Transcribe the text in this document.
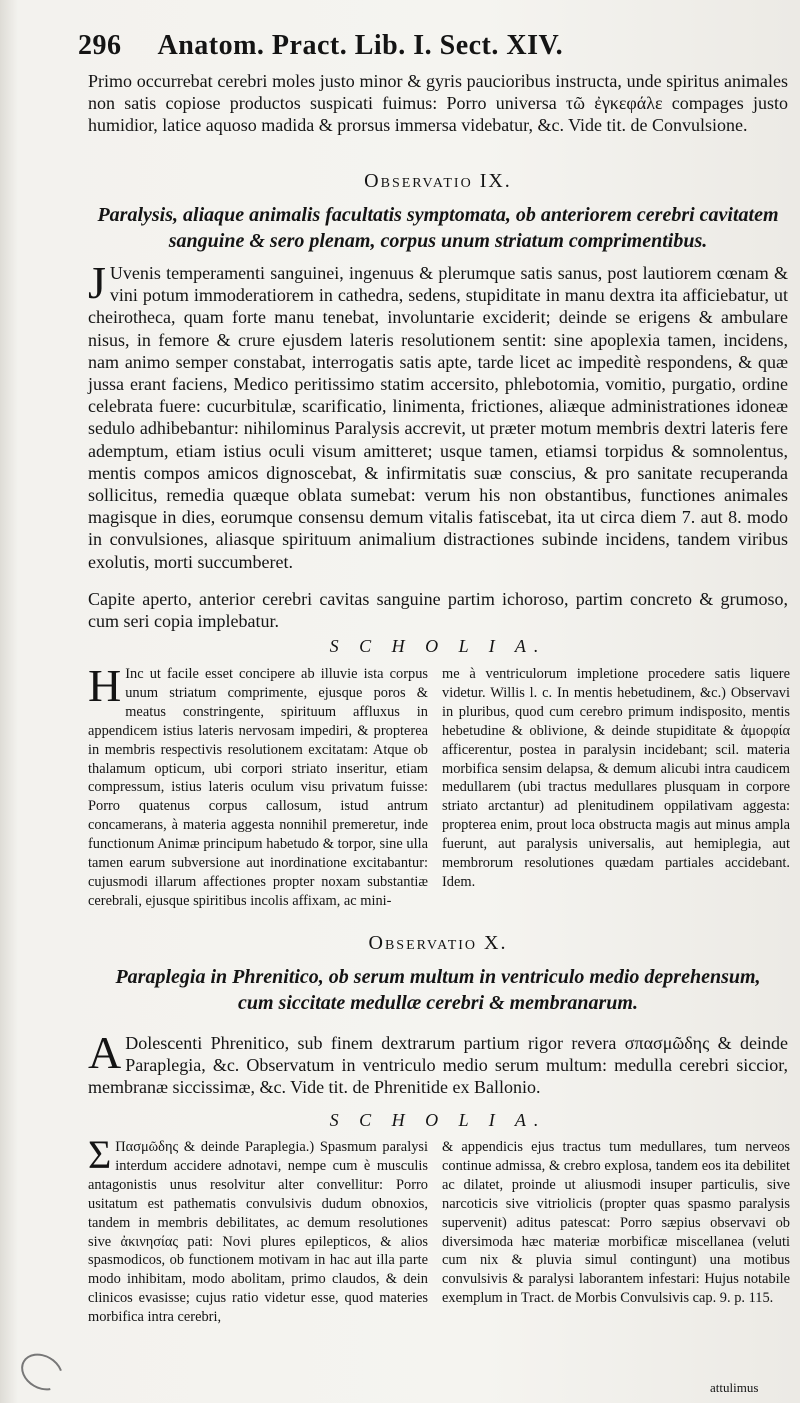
296 Anatom. Pract. Lib. I. Sect. XIV.
Primo occurrebat cerebri moles justo minor & gyris paucioribus instructa, unde spiritus animales non satis copiose productos suspicati fuimus: Porro universa τῶ ἐγκεφάλε compages justo humidior, latice aquoso madida & prorsus immersa videbatur, &c. Vide tit. de Convulsione.
Observatio IX.
Paralysis, aliaque animalis facultatis symptomata, ob anteriorem cerebri cavitatem
sanguine & sero plenam, corpus unum striatum comprimentibus.
J Uvenis temperamenti sanguinei, ingenuus & plerumque satis sanus, post lautiorem cœnam & vini potum immoderatiorem in cathedra, sedens, stupiditate in manu dextra ita afficiebatur, ut cheirotheca, quam forte manu tenebat, involuntarie exciderit; deinde se erigens & ambulare nisus, in femore & crure ejusdem lateris resolutionem sentit: sine apoplexia tamen, incidens, nam animo semper constabat, interrogatis satis apte, tarde licet ac impeditè respondens, & quæ jussa erant faciens, Medico peritissimo statim accersito, phlebotomia, vomitio, purgatio, ordine celebrata fuere: cucurbitulæ, scarificatio, linimenta, frictiones, aliæque administrationes idoneæ sedulo adhibebantur: nihilominus Paralysis accrevit, ut præter motum membris dextri lateris fere ademptum, etiam istius oculi visum amitteret; usque tamen, etiamsi torpidus & somnolentus, mentis compos amicos dignoscebat, & infirmitatis suæ conscius, & pro sanitate recuperanda sollicitus, remedia quæque oblata sumebat: verum his non obstantibus, functiones animales magisque in dies, eorumque consensu demum vitalis fatiscebat, ita ut circa diem 7. aut 8. modo in convulsiones, aliasque spirituum animalium distractiones subinde incidens, tandem viribus exolutis, morti succumberet.
Capite aperto, anterior cerebri cavitas sanguine partim ichoroso, partim concreto & grumoso, cum seri copia implebatur.
S C H O L I A.
H Inc ut facile esset concipere ab illuvie ista corpus unum striatum comprimente, ejusque poros & meatus constringente, spirituum affluxus in appendicem istius lateris nervosam impediri, & propterea in membris respectivis resolutionem excitatam: Atque ob thalamum opticum, ubi corpori striato inseritur, etiam compressum, istius lateris oculum visu privatum fuisse: Porro quatenus corpus callosum, istud antrum concamerans, à materia aggesta nonnihil premeretur, inde functionum Animæ principum habetudo & torpor, sine ulla tamen earum subversione aut inordinatione excitabantur: cujusmodi illarum affectiones propter noxam substantiæ cerebrali, ejusque spiritibus incolis affixam, ac mini-
me à ventriculorum impletione procedere satis liquere videtur. Willis l. c. In mentis hebetudinem, &c.) Observavi in pluribus, quod cum cerebro primum indisposito, mentis hebetudine & oblivione, & deinde stupiditate & ἀμορφία afficerentur, postea in paralysin incidebant; scil. materia morbifica sensim delapsa, & demum alicubi intra caudicem medullarem (ubi tractus medullares plusquam in corpore striato arctantur) ad plenitudinem oppilativam aggesta: propterea enim, prout loca obstructa magis aut minus ampla fuerunt, aut paralysis universalis, aut hemiplegia, aut membrorum resolutiones quædam partiales accidebant. Idem.
Observatio X.
Paraplegia in Phrenitico, ob serum multum in ventriculo medio deprehensum,
cum siccitate medullæ cerebri & membranarum.
A Dolescenti Phrenitico, sub finem dextrarum partium rigor revera σπασμῶδης & deinde Paraplegia, &c. Observatum in ventriculo medio serum multum: medulla cerebri siccior, membranæ siccissimæ, &c. Vide tit. de Phrenitide ex Ballonio.
S C H O L I A.
Σ Πασμῶδης & deinde Paraplegia.) Spasmum paralysi interdum accidere adnotavi, nempe cum è musculis antagonistis unus resolvitur alter convellitur: Porro usitatum est pathematis convulsivis dudum obnoxios, tandem in membris debilitates, ac demum resolutiones sive ἀκινησίας pati: Novi plures epilepticos, & alios spasmodicos, ob functionem motivam in hac aut illa parte modo inhibitam, modo abolitam, primo claudos, & dein clinicos evasisse; cujus ratio videtur esse, quod materies morbifica intra cerebri,
& appendicis ejus tractus tum medullares, tum nerveos continue admissa, & crebro explosa, tandem eos ita debilitet ac dilatet, proinde ut aliusmodi insuper particulis, sive narcoticis sive vitriolicis (propter quas spasmo paralysis supervenit) aditus patescat: Porro sæpius observavi ob diversimoda hæc materiæ morbificæ miscellanea (veluti cum nix & pluvia simul contingunt) una motibus convulsivis & paralysi laborantem infestari: Hujus notabile exemplum in Tract. de Morbis Convulsivis cap. 9. p. 115.
attulimus
